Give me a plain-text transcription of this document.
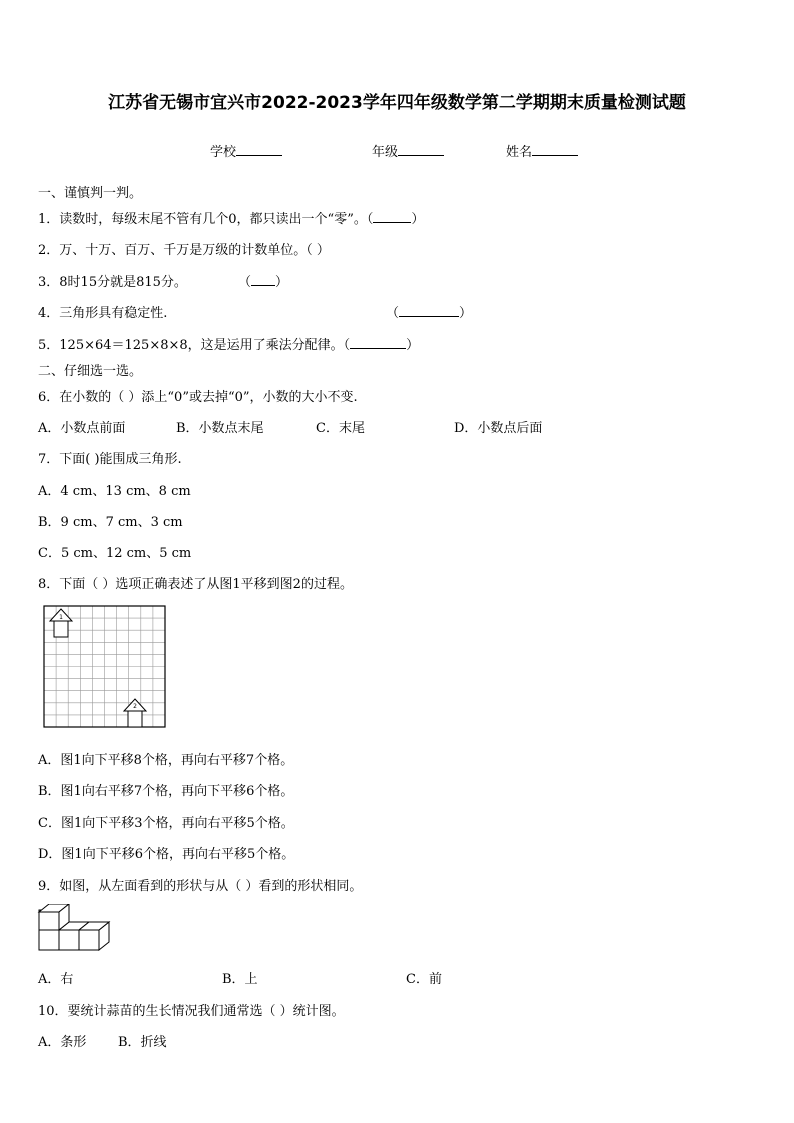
江苏省无锡市宜兴市2022-2023学年四年级数学第二学期期末质量检测试题
学校	年级	姓名
一、谨慎判一判。
1．读数时，每级末尾不管有几个0，都只读出一个“零”。（	）
2．万、十万、百万、千万是万级的计数单位。（ ）
3．8时15分就是815分。	（ ）
4．三角形具有稳定性.	（	）
5．125×64＝125×8×8，这是运用了乘法分配律。（	）
二、仔细选一选。
6．在小数的（ ）添上“0”或去掉“0”，小数的大小不变.
A．小数点前面	B．小数点末尾	C．末尾	D．小数点后面
7．下面( )能围成三角形.
A．4 cm、13 cm、8 cm
B．9 cm、7 cm、3 cm
C．5 cm、12 cm、5 cm
8．下面（ ）选项正确表述了从图1平移到图2的过程。
1
2
A．图1向下平移8个格，再向右平移7个格。
B．图1向右平移7个格，再向下平移6个格。
C．图1向下平移3个格，再向右平移5个格。
D．图1向下平移6个格，再向右平移5个格。
9．如图，从左面看到的形状与从（ ）看到的形状相同。
A．右	B．上	C．前
10．要统计蒜苗的生长情况我们通常选（ ）统计图。
A．条形 B．折线
